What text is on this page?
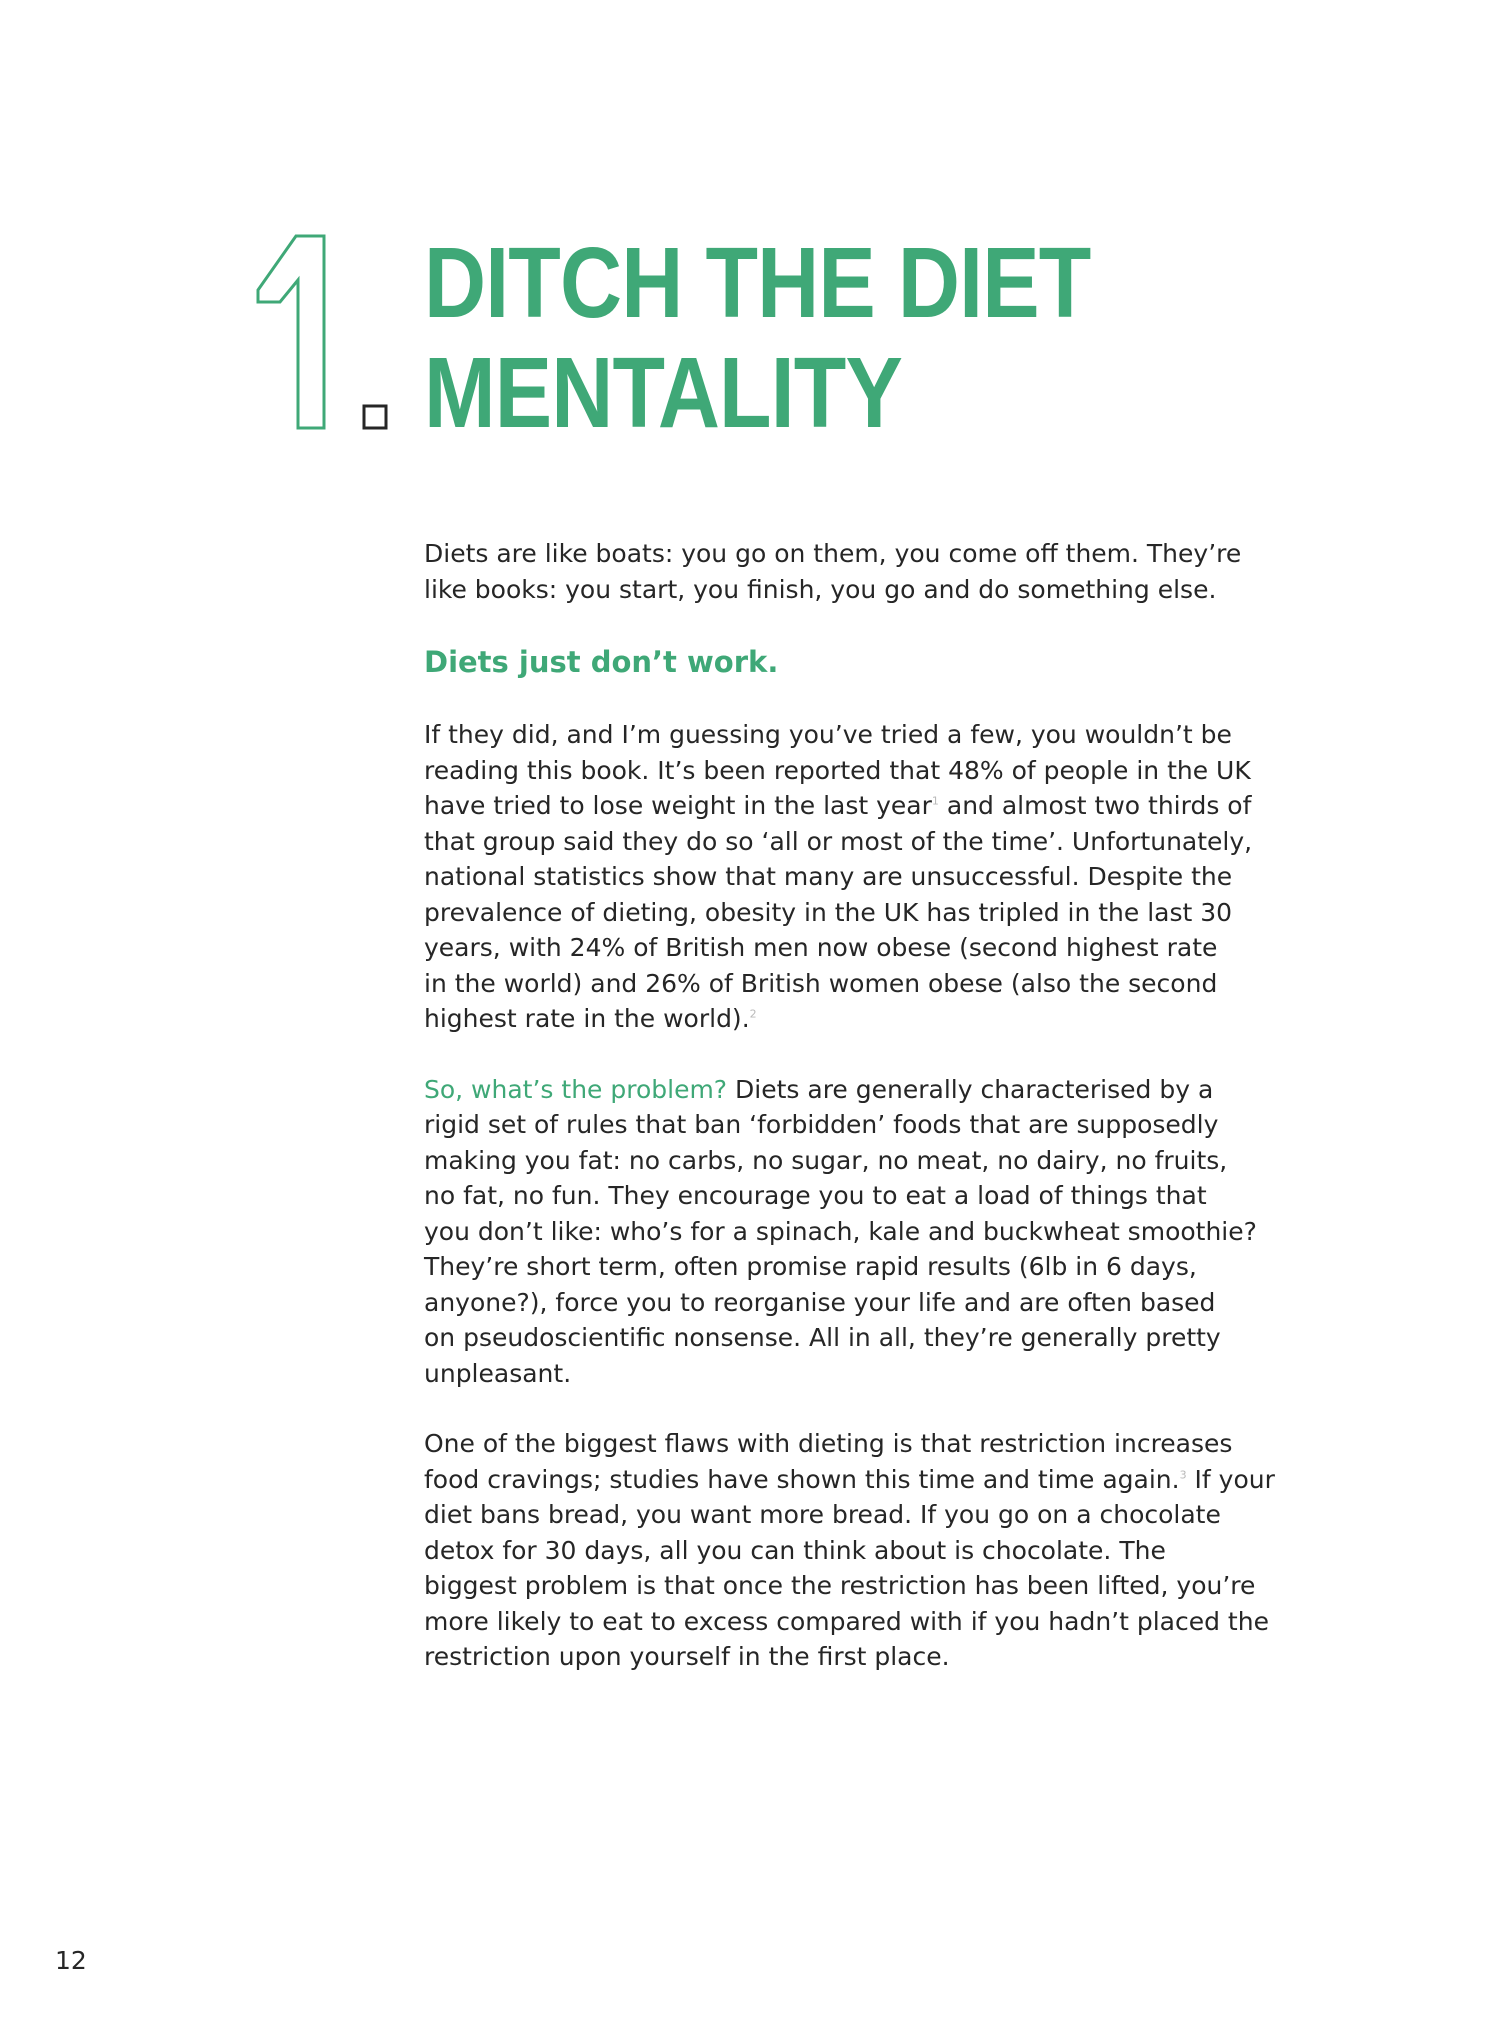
DITCH THE DIET
MENTALITY

Diets are like boats: you go on them, you come off them. They’re
like books: you start, you finish, you go and do something else.

Diets just don’t work.

If they did, and I’m guessing you’ve tried a few, you wouldn’t be
reading this book. It’s been reported that 48% of people in the UK
have tried to lose weight in the last year$^1$ and almost two thirds of
that group said they do so ‘all or most of the time’. Unfortunately,
national statistics show that many are unsuccessful. Despite the
prevalence of dieting, obesity in the UK has tripled in the last 30
years, with 24% of British men now obese (second highest rate
in the world) and 26% of British women obese (also the second
highest rate in the world).$^2$

So, what’s the problem? Diets are generally characterised by a
rigid set of rules that ban ‘forbidden’ foods that are supposedly
making you fat: no carbs, no sugar, no meat, no dairy, no fruits,
no fat, no fun. They encourage you to eat a load of things that
you don’t like: who’s for a spinach, kale and buckwheat smoothie?
They’re short term, often promise rapid results (6lb in 6 days,
anyone?), force you to reorganise your life and are often based
on pseudoscientific nonsense. All in all, they’re generally pretty
unpleasant.

One of the biggest flaws with dieting is that restriction increases
food cravings; studies have shown this time and time again.$^3$ If your
diet bans bread, you want more bread. If you go on a chocolate
detox for 30 days, all you can think about is chocolate. The
biggest problem is that once the restriction has been lifted, you’re
more likely to eat to excess compared with if you hadn’t placed the
restriction upon yourself in the first place.

12
